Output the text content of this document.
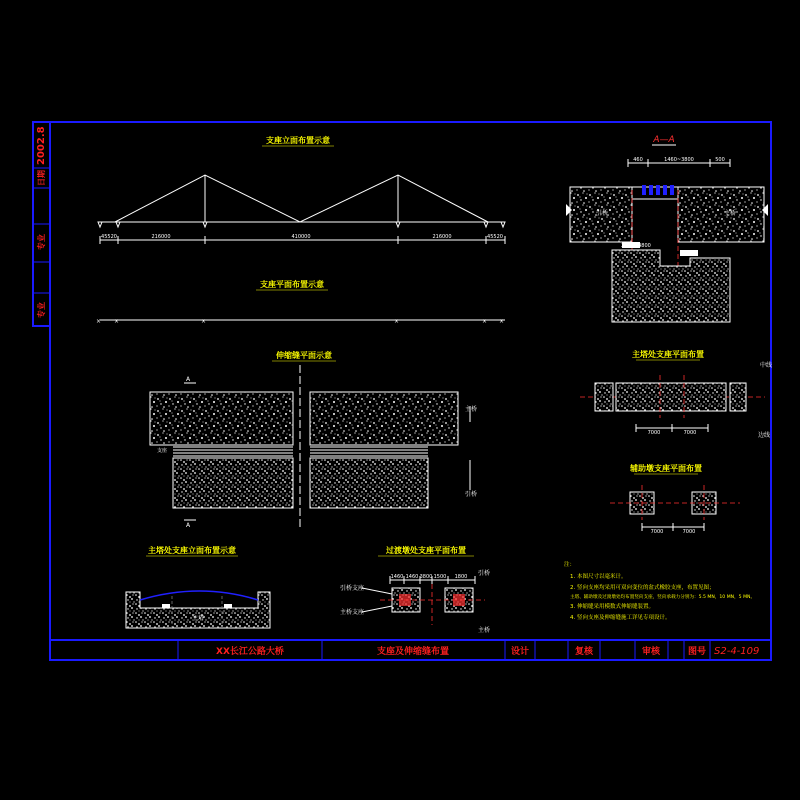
2002.8
日期
专业
专业
XX长江公路大桥	支座及伸缩缝布置	设计	复核	审核	图号 S2-4-109
支座立面布置示意
45520	216000	410000	216000	45520
支座平面布置示意
× ×	×	×	× ×
伸缩缝平面示意
A
A
支座
主桥
引桥
A—A
460	1460~3800	500
引桥	主桥
2760~4800
主塔处支座平面布置
7000	7000
中线
边线
辅助墩支座平面布置
7000	7000
主塔处支座立面布置示意
主塔
过渡墩处支座平面布置
1460 1460 3800 1500 1800
引桥支座
主桥支座
引桥
主桥
注：
1. 本图尺寸以毫米计。
2. 竖向支座均采用可双向变位的盆式橡胶支座，布置见图；
主塔、辅助墩及过渡墩处均布置竖向支座，竖向承载力分别为：5.5 MN，10 MN，5 MN。
3. 伸缩缝采用模数式伸缩缝装置。
4. 竖向支座及伸缩缝施工详见专项设计。
